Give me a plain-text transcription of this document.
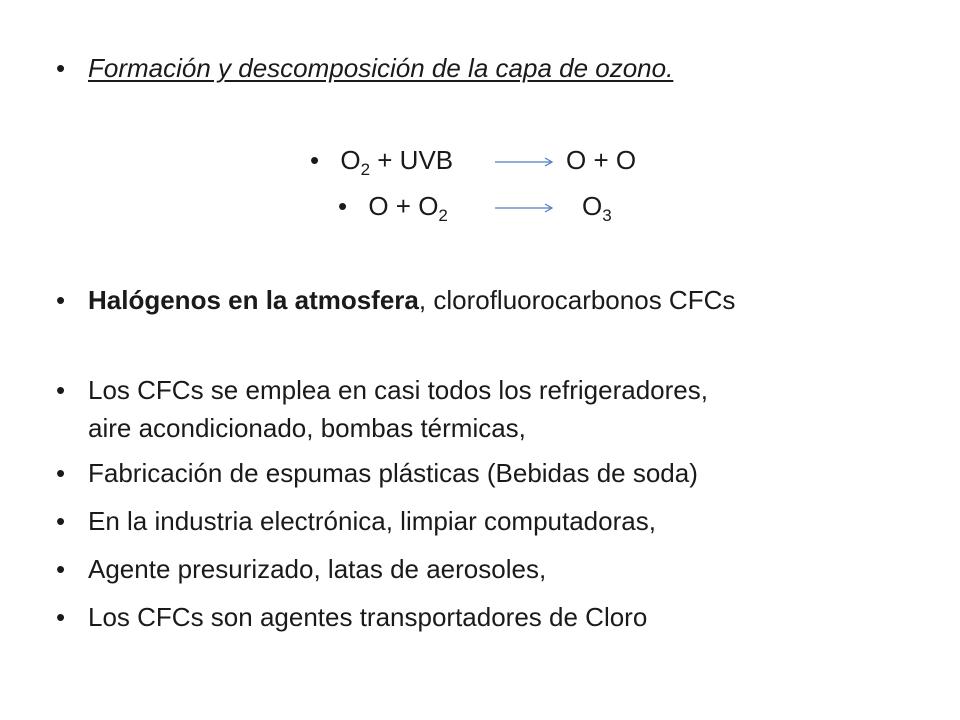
• Formación y descomposición de la capa de ozono.
• $O_2$ + UVB	→ O + O
• $O + O_2$	$O_3$
• Halógenos en la atmosfera, clorofluorocarbonos CFCs
• Los CFCs se emplea en casi todos los refrigeradores,
aire acondicionado, bombas térmicas,
• Fabricación de espumas plásticas (Bebidas de soda)
• En la industria electrónica, limpiar computadoras,
• Agente presurizado, latas de aerosoles,
• Los CFCs son agentes transportadores de Cloro
